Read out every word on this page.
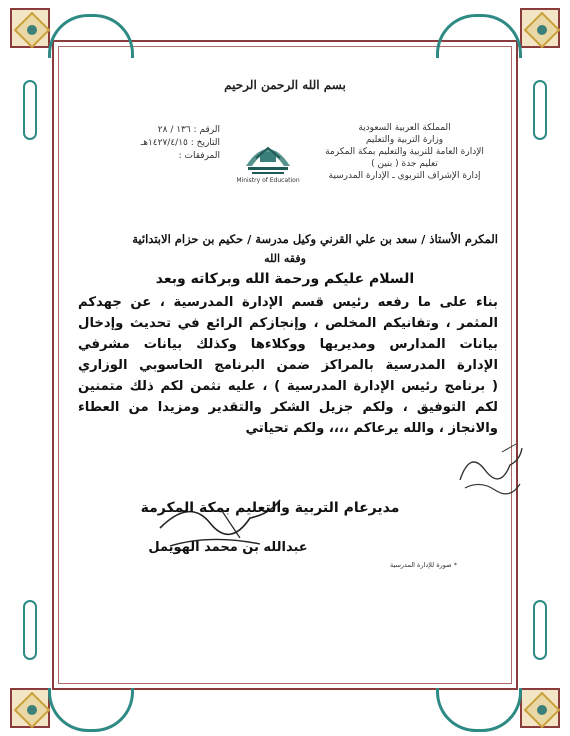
بسم الله الرحمن الرحيم
المملكة العربية السعودية
وزارة التربية والتعليم
الإدارة العامة للتربية والتعليم بمكة المكرمة
تعليم جدة ( بنين )
إدارة الإشراف التربوي ـ الإدارة المدرسية
Ministry of Education
الرقم : ١٣٦ / ٢٨
التاريخ : ١٤٢٧/٤/١٥هـ
المرفقات :
المكرم الأستاذ / سعد بن علي القرني وكيل مدرسة / حكيم بن حزام الابتدائية
وفقه الله
السلام عليكم ورحمة الله وبركاته وبعد
بناء على ما رفعه رئيس قسم الإدارة المدرسية ، عن جهدكم
المثمر ، وتفانيكم المخلص ، وإنجازكم الرائع في تحديث وإدخال
بيانات المدارس ومديريها ووكلاءها وكذلك بيانات مشرفي
الإدارة المدرسية بالمراكز ضمن البرنامج الحاسوبي الوزاري
( برنامج رئيس الإدارة المدرسية ) ، عليه نثمن لكم ذلك متمنين
لكم التوفيق ، ولكم جزيل الشكر والتقدير ومزيدا من العطاء
والانجاز ، والله يرعاكم ،،،، ولكم تحياتي
مديرعام التربية والتعليم بمكة المكرمة
عبدالله بن محمد الهويمل
* صورة للإدارة المدرسية
